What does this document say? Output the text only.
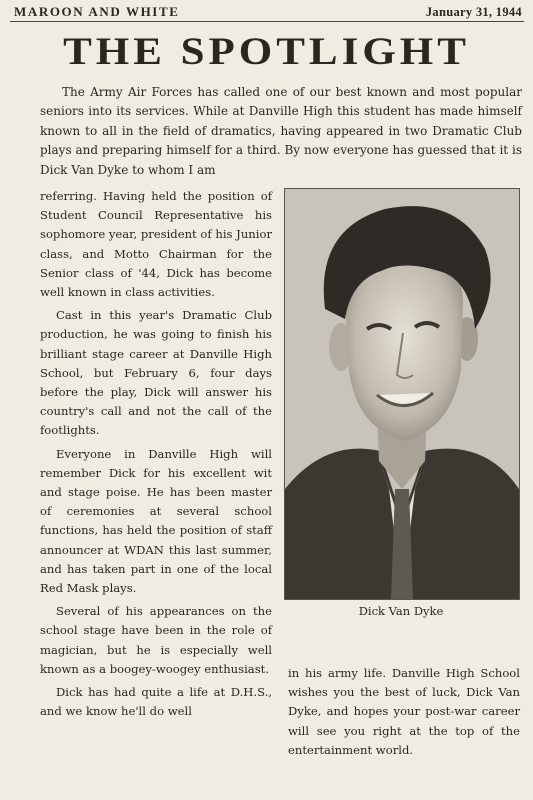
MAROON AND WHITE	January 31, 1944
THE SPOTLIGHT

The Army Air Forces has called one of our best known and most popular seniors into its services. While at Danville High this student has made himself known to all in the field of dramatics, having appeared in two Dramatic Club plays and preparing himself for a third. By now everyone has guessed that it is Dick Van Dyke to whom I am

referring. Having held the position of Student Council Representative his sophomore year, president of his Junior class, and Motto Chairman for the Senior class of '44, Dick has become well known in class activities.

Cast in this year's Dramatic Club production, he was going to finish his brilliant stage career at Danville High School, but February 6, four days before the play, Dick will answer his country's call and not the call of the footlights.

Everyone in Danville High will remember Dick for his excellent wit and stage poise. He has been master of ceremonies at several school functions, has held the position of staff announcer at WDAN this last summer, and has taken part in one of the local Red Mask plays.

Several of his appearances on the school stage have been in the role of magician, but he is especially well known as a boogey-woogey enthusiast.

Dick has had quite a life at D.H.S., and we know he'll do well

Dick Van Dyke

in his army life. Danville High School wishes you the best of luck, Dick Van Dyke, and hopes your post-war career will see you right at the top of the entertainment world.
